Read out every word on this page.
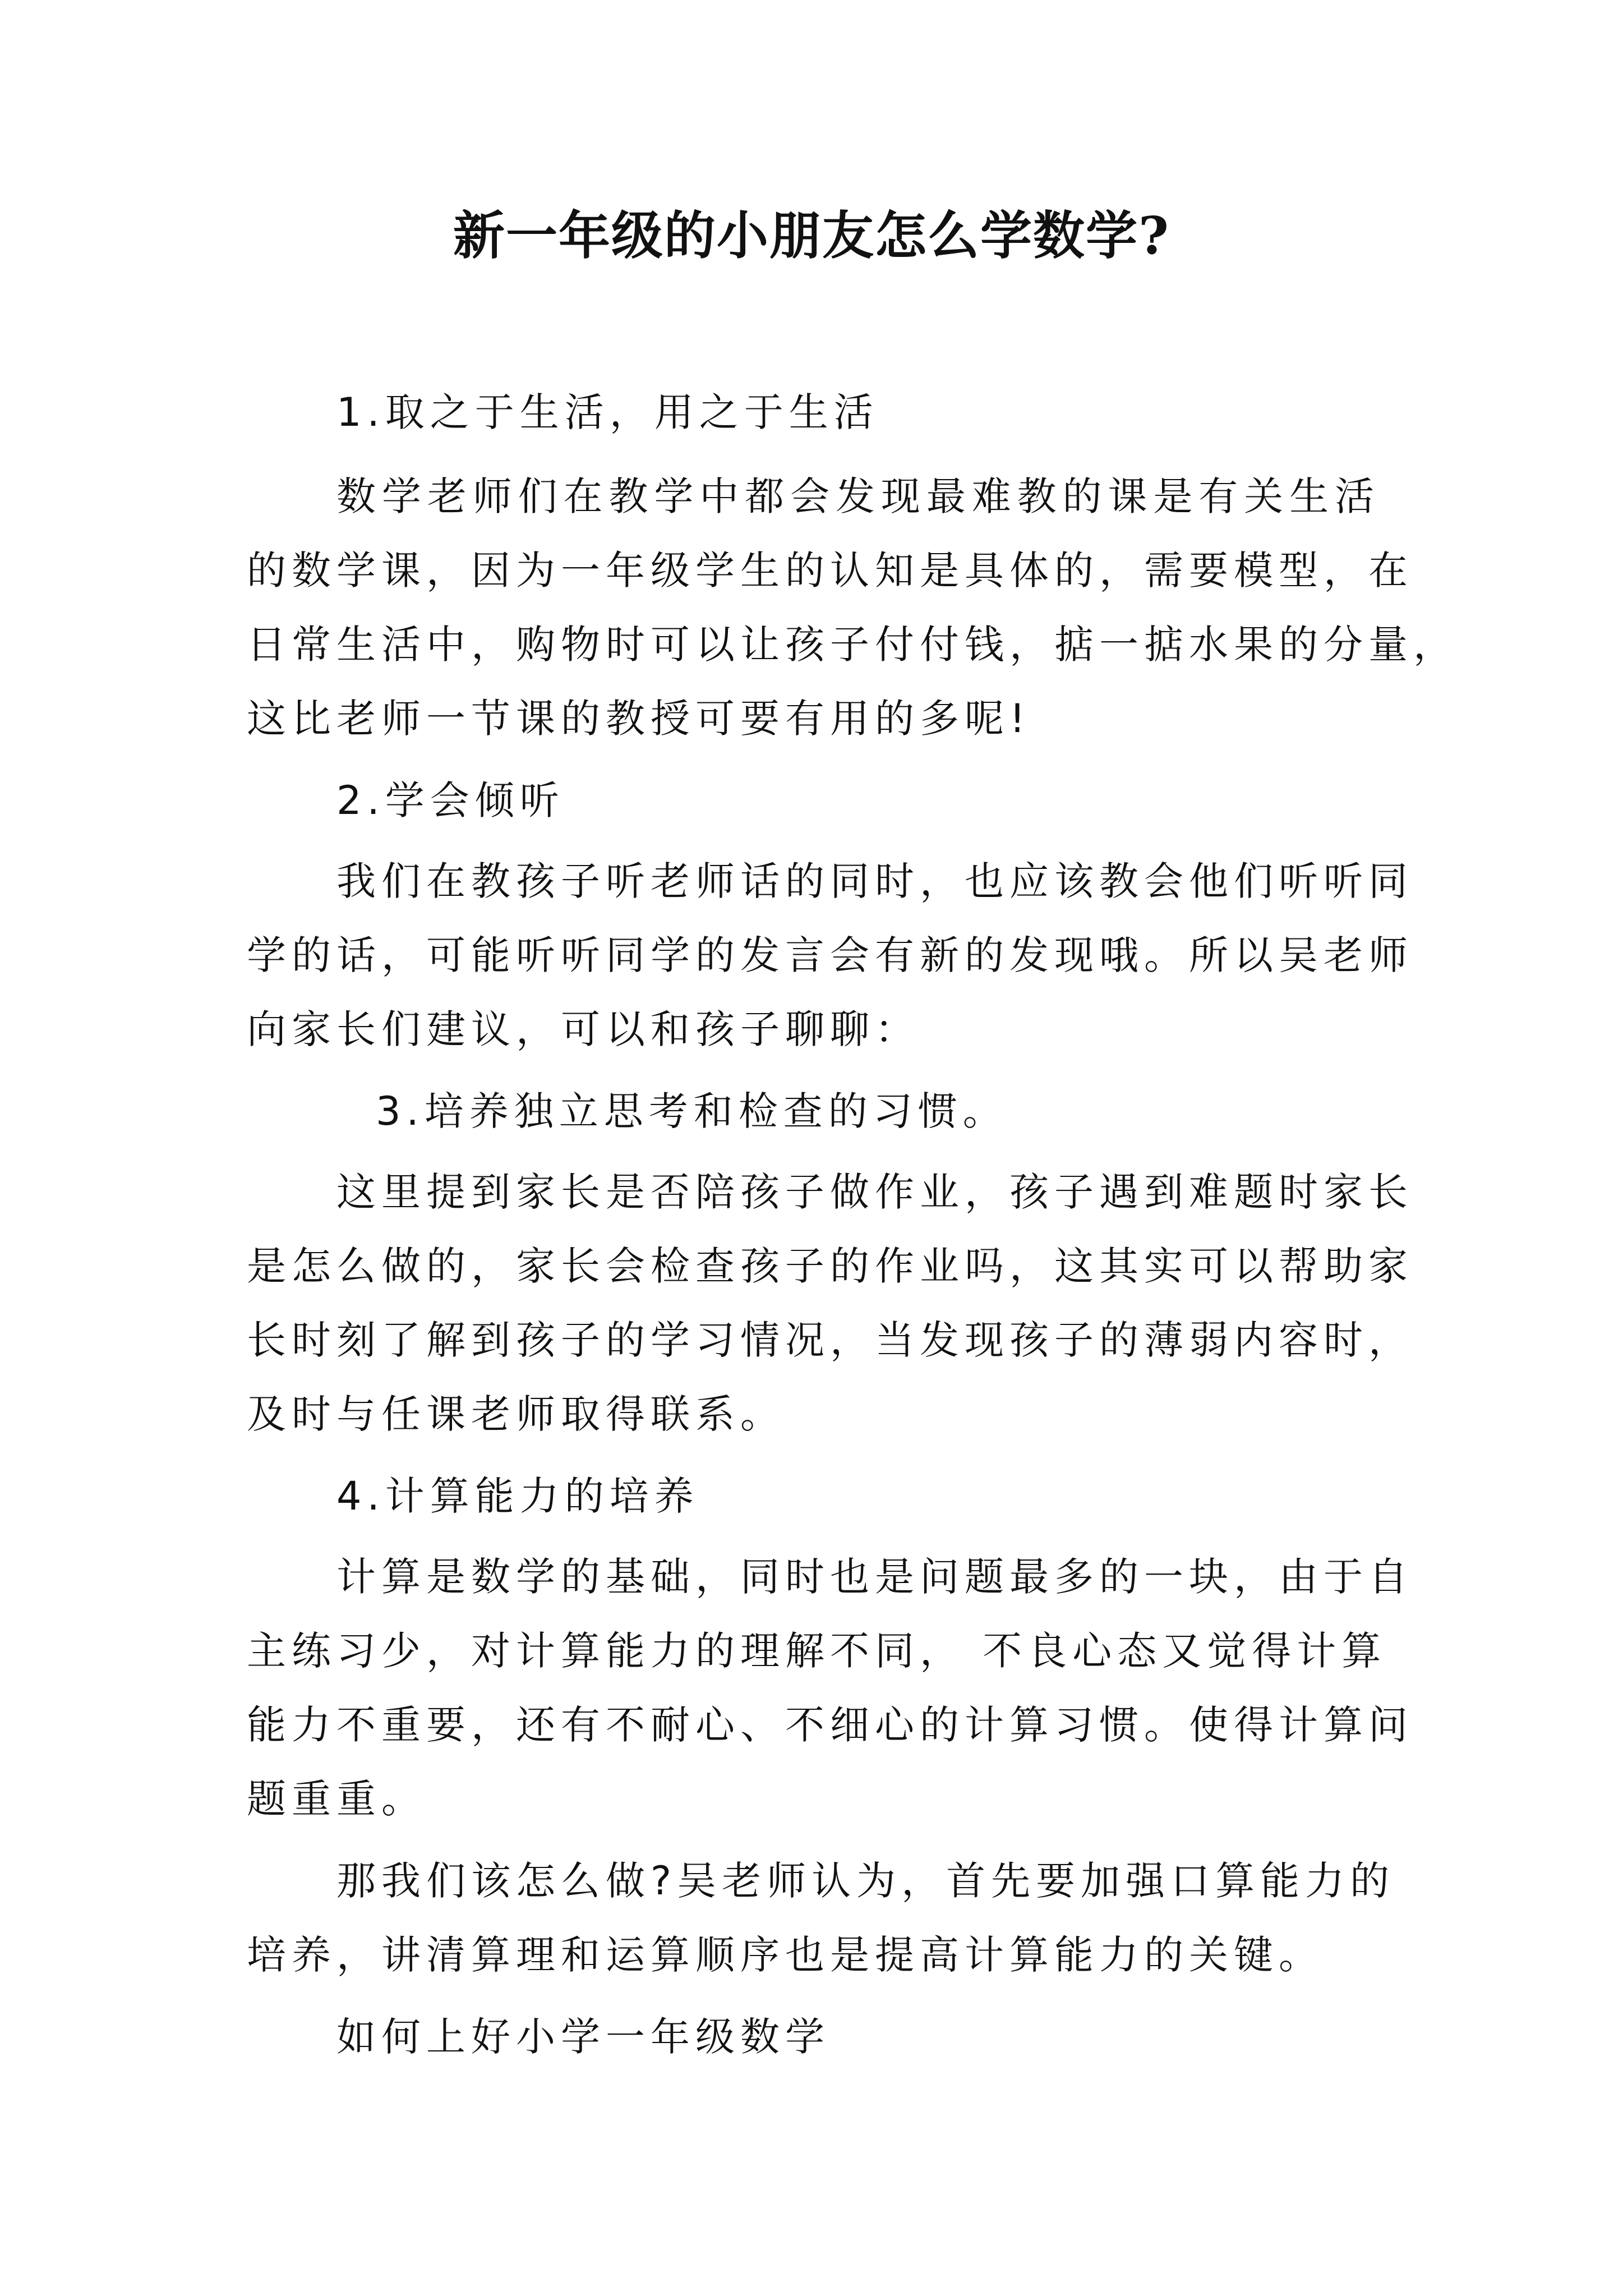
新一年级的小朋友怎么学数学?
1.取之于生活，用之于生活
数学老师们在教学中都会发现最难教的课是有关生活
的数学课，因为一年级学生的认知是具体的，需要模型，在
日常生活中，购物时可以让孩子付付钱，掂一掂水果的分量，
这比老师一节课的教授可要有用的多呢!
2.学会倾听
我们在教孩子听老师话的同时，也应该教会他们听听同
学的话，可能听听同学的发言会有新的发现哦。所以吴老师
向家长们建议，可以和孩子聊聊：
3.培养独立思考和检查的习惯。
这里提到家长是否陪孩子做作业，孩子遇到难题时家长
是怎么做的，家长会检查孩子的作业吗，这其实可以帮助家
长时刻了解到孩子的学习情况，当发现孩子的薄弱内容时，
及时与任课老师取得联系。
4.计算能力的培养
计算是数学的基础，同时也是问题最多的一块，由于自
主练习少，对计算能力的理解不同， 不良心态又觉得计算
能力不重要，还有不耐心、不细心的计算习惯。使得计算问
题重重。
那我们该怎么做?吴老师认为，首先要加强口算能力的
培养，讲清算理和运算顺序也是提高计算能力的关键。
如何上好小学一年级数学
